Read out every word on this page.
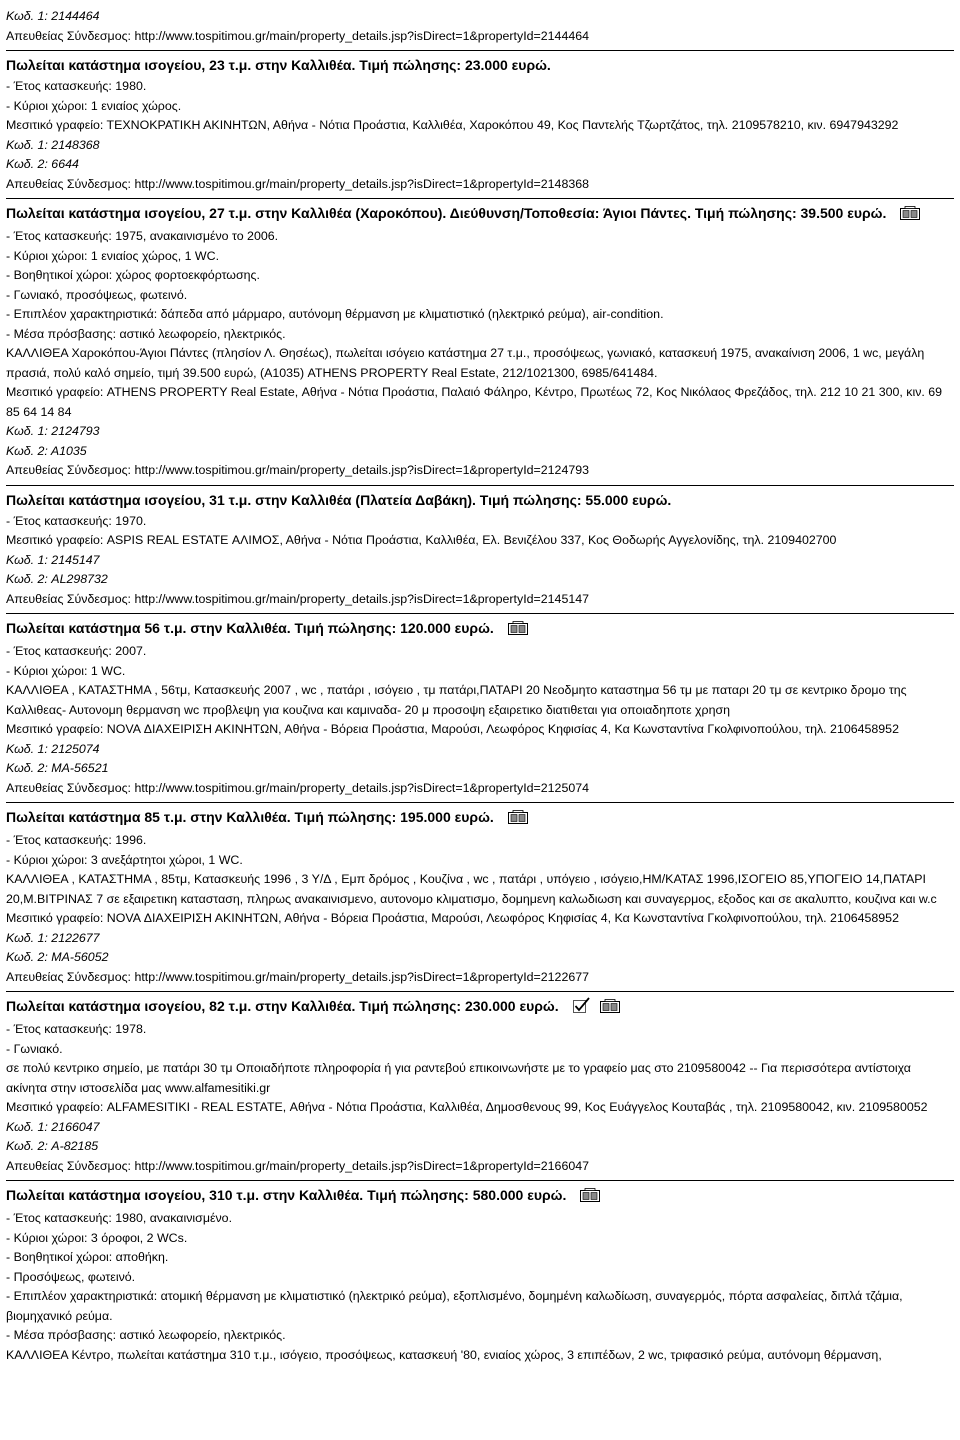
Κωδ. 1: 2144464
Απευθείας Σύνδεσμος: http://www.tospitimou.gr/main/property_details.jsp?isDirect=1&propertyId=2144464
Πωλείται κατάστημα ισογείου, 23 τ.μ. στην Καλλιθέα. Τιμή πώλησης: 23.000 ευρώ.
- Έτος κατασκευής: 1980.
- Κύριοι χώροι: 1 ενιαίος χώρος.
Μεσιτικό γραφείο: ΤΕΧΝΟΚΡΑΤΙΚΗ ΑΚΙΝΗΤΩΝ, Αθήνα - Νότια Προάστια, Καλλιθέα, Χαροκόπου 49, Κος Παντελής Τζωρτζάτος, τηλ. 2109578210, κιν. 6947943292
Κωδ. 1: 2148368
Κωδ. 2: 6644
Απευθείας Σύνδεσμος: http://www.tospitimou.gr/main/property_details.jsp?isDirect=1&propertyId=2148368
Πωλείται κατάστημα ισογείου, 27 τ.μ. στην Καλλιθέα (Χαροκόπου). Διεύθυνση/Τοποθεσία: Άγιοι Πάντες. Τιμή πώλησης: 39.500 ευρώ.
- Έτος κατασκευής: 1975, ανακαινισμένο το 2006.
- Κύριοι χώροι: 1 ενιαίος χώρος, 1 WC.
- Βοηθητικοί χώροι: χώρος φορτοεκφόρτωσης.
- Γωνιακό, προσόψεως, φωτεινό.
- Επιπλέον χαρακτηριστικά: δάπεδα από μάρμαρο, αυτόνομη θέρμανση με κλιματιστικό (ηλεκτρικό ρεύμα), air-condition.
- Μέσα πρόσβασης: αστικό λεωφορείο, ηλεκτρικός.
ΚΑΛΛΙΘΕΑ Χαροκόπου-Άγιοι Πάντες (πλησίον Λ. Θησέως), πωλείται ισόγειο κατάστημα 27 τ.μ., προσόψεως, γωνιακό, κατασκευή 1975, ανακαίνιση 2006, 1 wc, μεγάλη πρασιά, πολύ καλό σημείο, τιμή 39.500 ευρώ, (Α1035) ATHENS PROPERTY Real Estate, 212/1021300, 6985/641484.
Μεσιτικό γραφείο: ATHENS PROPERTY Real Estate, Αθήνα - Νότια Προάστια, Παλαιό Φάληρο, Κέντρο, Πρωτέως 72, Κος Νικόλαος Φρεζάδος, τηλ. 212 10 21 300, κιν. 69 85 64 14 84
Κωδ. 1: 2124793
Κωδ. 2: Α1035
Απευθείας Σύνδεσμος: http://www.tospitimou.gr/main/property_details.jsp?isDirect=1&propertyId=2124793
Πωλείται κατάστημα ισογείου, 31 τ.μ. στην Καλλιθέα (Πλατεία Δαβάκη). Τιμή πώλησης: 55.000 ευρώ.
- Έτος κατασκευής: 1970.
Μεσιτικό γραφείο: ASPIS REAL ESTATE ΑΛΙΜΟΣ, Αθήνα - Νότια Προάστια, Καλλιθέα, Ελ. Βενιζέλου 337, Κος Θοδωρής Αγγελονίδης, τηλ. 2109402700
Κωδ. 1: 2145147
Κωδ. 2: AL298732
Απευθείας Σύνδεσμος: http://www.tospitimou.gr/main/property_details.jsp?isDirect=1&propertyId=2145147
Πωλείται κατάστημα 56 τ.μ. στην Καλλιθέα. Τιμή πώλησης: 120.000 ευρώ.
- Έτος κατασκευής: 2007.
- Κύριοι χώροι: 1 WC.
ΚΑΛΛΙΘΕΑ , ΚΑΤΑΣΤΗΜΑ , 56τμ, Κατασκευής 2007 , wc , πατάρι , ισόγειο , τμ πατάρι,ΠΑΤΑΡΙ 20 Νεοδμητο καταστημα 56 τμ με παταρι 20 τμ σε κεντρικο δρομο της Καλλιθεας- Αυτονομη θερμανση wc προβλεψη για κουζινα και καμιναδα- 20 μ προσοψη εξαιρετικο διατιθεται για οποιαδηποτε χρηση
Μεσιτικό γραφείο: NOVA ΔΙΑΧΕΙΡΙΣΗ ΑΚΙΝΗΤΩΝ, Αθήνα - Βόρεια Προάστια, Μαρούσι, Λεωφόρος Κηφισίας 4, Κα Κωνσταντίνα Γκολφινοπούλου, τηλ. 2106458952
Κωδ. 1: 2125074
Κωδ. 2: MA-56521
Απευθείας Σύνδεσμος: http://www.tospitimou.gr/main/property_details.jsp?isDirect=1&propertyId=2125074
Πωλείται κατάστημα 85 τ.μ. στην Καλλιθέα. Τιμή πώλησης: 195.000 ευρώ.
- Έτος κατασκευής: 1996.
- Κύριοι χώροι: 3 ανεξάρτητοι χώροι, 1 WC.
ΚΑΛΛΙΘΕΑ , ΚΑΤΑΣΤΗΜΑ , 85τμ, Κατασκευής 1996 , 3 Υ/Δ , Εμπ δρόμος , Κουζίνα , wc , πατάρι , υπόγειο , ισόγειο,ΗΜ/ΚΑΤΑΣ 1996,ΙΣΟΓΕΙΟ 85,ΥΠΟΓΕΙΟ 14,ΠΑΤΑΡΙ 20,Μ.ΒΙΤΡΙΝΑΣ 7 σε εξαιρετικη κατασταση, πληρως ανακαινισμενο, αυτονομο κλιματισμο, δομημενη καλωδιωση και συναγερμος, εξοδος και σε ακαλυπτο, κουζινα και w.c
Μεσιτικό γραφείο: NOVA ΔΙΑΧΕΙΡΙΣΗ ΑΚΙΝΗΤΩΝ, Αθήνα - Βόρεια Προάστια, Μαρούσι, Λεωφόρος Κηφισίας 4, Κα Κωνσταντίνα Γκολφινοπούλου, τηλ. 2106458952
Κωδ. 1: 2122677
Κωδ. 2: MA-56052
Απευθείας Σύνδεσμος: http://www.tospitimou.gr/main/property_details.jsp?isDirect=1&propertyId=2122677
Πωλείται κατάστημα ισογείου, 82 τ.μ. στην Καλλιθέα. Τιμή πώλησης: 230.000 ευρώ.
- Έτος κατασκευής: 1978.
- Γωνιακό.
σε πολύ κεντρικο σημείο, με πατάρι 30 τμ Οποιαδήποτε πληροφορία ή για ραντεβού επικοινωνήστε με το γραφείο μας στο 2109580042 -- Για περισσότερα αντίστοιχα ακίνητα στην ιστοσελίδα μας www.alfamesitiki.gr
Μεσιτικό γραφείο: ALFAMESITIKI - REAL ESTATE, Αθήνα - Νότια Προάστια, Καλλιθέα, Δημοσθενους 99, Κος Ευάγγελος Κουταβάς , τηλ. 2109580042, κιν. 2109580052
Κωδ. 1: 2166047
Κωδ. 2: A-82185
Απευθείας Σύνδεσμος: http://www.tospitimou.gr/main/property_details.jsp?isDirect=1&propertyId=2166047
Πωλείται κατάστημα ισογείου, 310 τ.μ. στην Καλλιθέα. Τιμή πώλησης: 580.000 ευρώ.
- Έτος κατασκευής: 1980, ανακαινισμένο.
- Κύριοι χώροι: 3 όροφοι, 2 WCs.
- Βοηθητικοί χώροι: αποθήκη.
- Προσόψεως, φωτεινό.
- Επιπλέον χαρακτηριστικά: ατομική θέρμανση με κλιματιστικό (ηλεκτρικό ρεύμα), εξοπλισμένο, δομημένη καλωδίωση, συναγερμός, πόρτα ασφαλείας, διπλά τζάμια, βιομηχανικό ρεύμα.
- Μέσα πρόσβασης: αστικό λεωφορείο, ηλεκτρικός.
ΚΑΛΛΙΘΕΑ Κέντρο, πωλείται κατάστημα 310 τ.μ., ισόγειο, προσόψεως, κατασκευή '80, ενιαίος χώρος, 3 επιπέδων, 2 wc, τριφασικό ρεύμα, αυτόνομη θέρμανση,
